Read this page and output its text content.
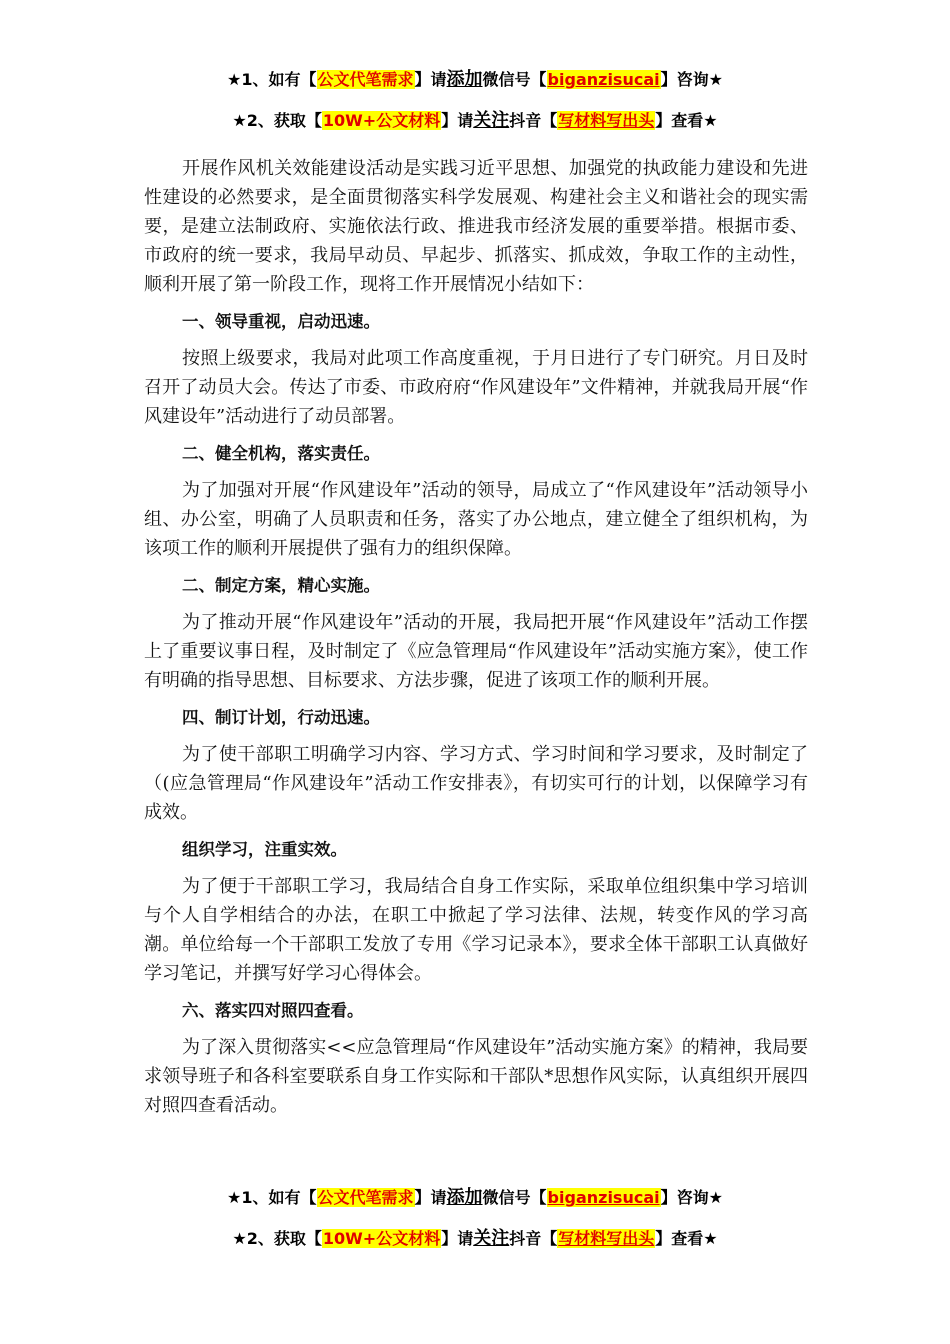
★1、如有【公文代笔需求】请添加微信号【biganzisucai】咨询★
★2、获取【10W+公文材料】请关注抖音【写材料写出头】查看★

开展作风机关效能建设活动是实践习近平思想、加强党的执政能力建设和先进性建设的必然要求，是全面贯彻落实科学发展观、构建社会主义和谐社会的现实需要，是建立法制政府、实施依法行政、推进我市经济发展的重要举措。根据市委、市政府的统一要求，我局早动员、早起步、抓落实、抓成效，争取工作的主动性，顺利开展了第一阶段工作，现将工作开展情况小结如下：

一、领导重视，启动迅速。

按照上级要求，我局对此项工作高度重视，于月日进行了专门研究。月日及时召开了动员大会。传达了市委、市政府府“作风建设年”文件精神，并就我局开展“作风建设年”活动进行了动员部署。

二、健全机构，落实责任。

为了加强对开展“作风建设年”活动的领导，局成立了“作风建设年”活动领导小组、办公室，明确了人员职责和任务，落实了办公地点，建立健全了组织机构，为该项工作的顺利开展提供了强有力的组织保障。

二、制定方案，精心实施。

为了推动开展“作风建设年”活动的开展，我局把开展“作风建设年”活动工作摆上了重要议事日程，及时制定了《应急管理局“作风建设年”活动实施方案》，使工作有明确的指导思想、目标要求、方法步骤，促进了该项工作的顺利开展。

四、制订计划，行动迅速。

为了使干部职工明确学习内容、学习方式、学习时间和学习要求，及时制定了（(应急管理局“作风建设年”活动工作安排表》，有切实可行的计划，以保障学习有成效。

组织学习，注重实效。

为了便于干部职工学习，我局结合自身工作实际，采取单位组织集中学习培训与个人自学相结合的办法，在职工中掀起了学习法律、法规，转变作风的学习高潮。单位给每一个干部职工发放了专用《学习记录本》，要求全体干部职工认真做好学习笔记，并撰写好学习心得体会。

六、落实四对照四查看。

为了深入贯彻落实<<应急管理局“作风建设年”活动实施方案》的精神，我局要求领导班子和各科室要联系自身工作实际和干部队*思想作风实际，认真组织开展四对照四查看活动。

★1、如有【公文代笔需求】请添加微信号【biganzisucai】咨询★
★2、获取【10W+公文材料】请关注抖音【写材料写出头】查看★
